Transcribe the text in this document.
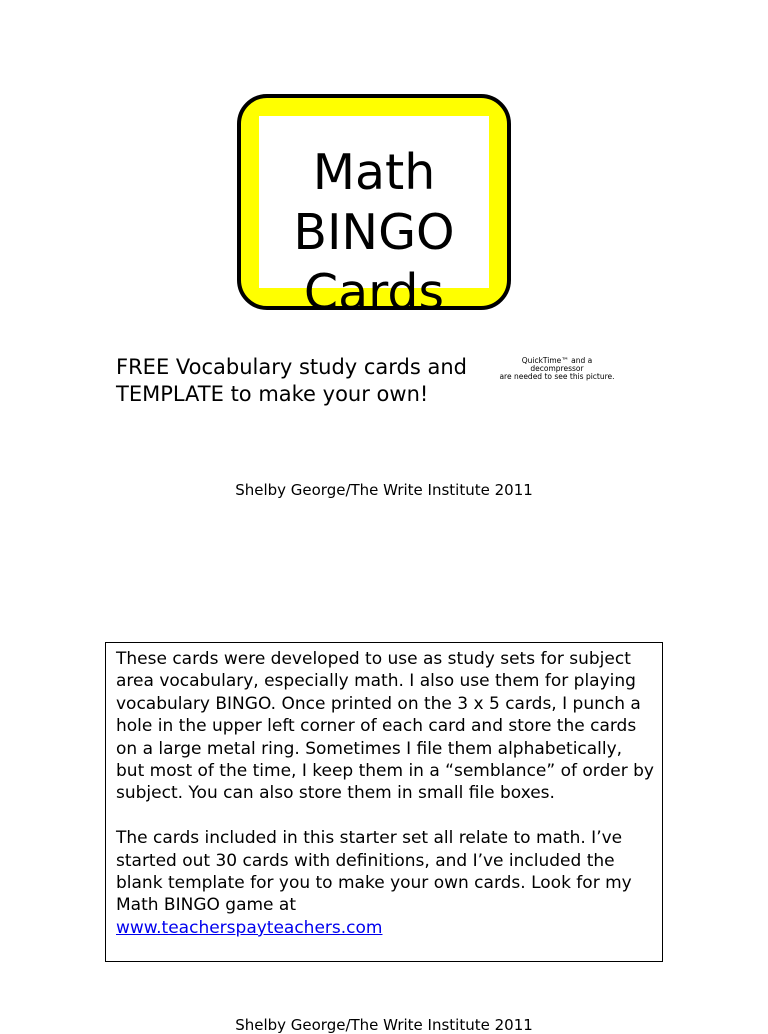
Math
BINGO
Cards
FREE Vocabulary study cards and TEMPLATE to make your own!
QuickTime™ and a
decompressor
are needed to see this picture.
Shelby George/The Write Institute 2011

These cards were developed to use as study sets for subject area vocabulary, especially math. I also use them for playing vocabulary BINGO. Once printed on the 3 x 5 cards, I punch a hole in the upper left corner of each card and store the cards on a large metal ring. Sometimes I file them alphabetically, but most of the time, I keep them in a “semblance” of order by subject. You can also store them in small file boxes.

The cards included in this starter set all relate to math. I’ve started out 30 cards with definitions, and I’ve included the blank template for you to make your own cards. Look for my Math BINGO game at
www.teacherspayteachers.com

Shelby George/The Write Institute 2011
